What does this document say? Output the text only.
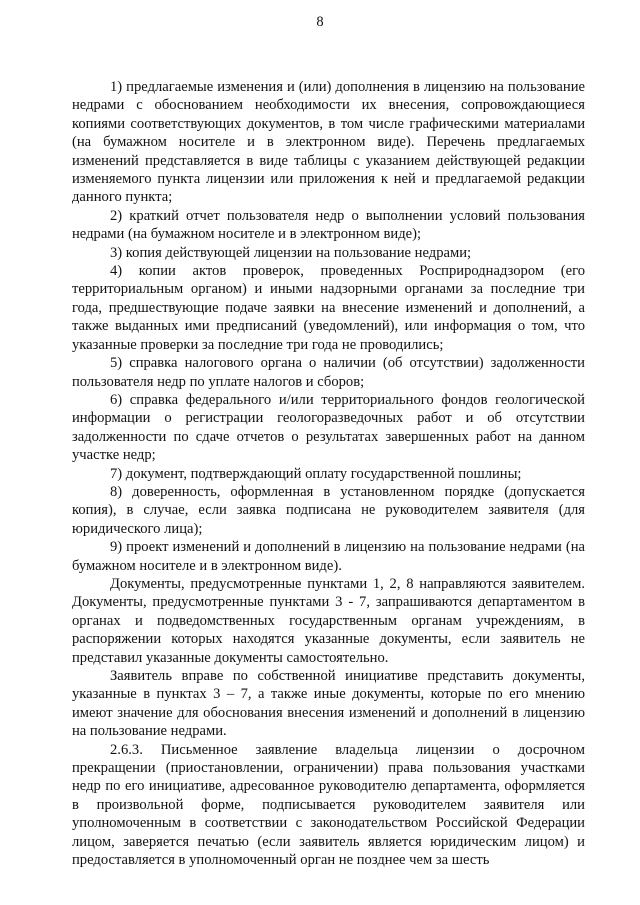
8

1) предлагаемые изменения и (или) дополнения в лицензию на пользование недрами с обоснованием необходимости их внесения, сопровождающиеся копиями соответствующих документов, в том числе графическими материалами (на бумажном носителе и в электронном виде). Перечень предлагаемых изменений представляется в виде таблицы с указанием действующей редакции изменяемого пункта лицензии или приложения к ней и предлагаемой редакции данного пункта;

2) краткий отчет пользователя недр о выполнении условий пользования недрами (на бумажном носителе и в электронном виде);

3) копия действующей лицензии на пользование недрами;

4) копии актов проверок, проведенных Росприроднадзором (его территориальным органом) и иными надзорными органами за последние три года, предшествующие подаче заявки на внесение изменений и дополнений, а также выданных ими предписаний (уведомлений), или информация о том, что указанные проверки за последние три года не проводились;

5) справка налогового органа о наличии (об отсутствии) задолженности пользователя недр по уплате налогов и сборов;

6) справка федерального и/или территориального фондов геологической информации о регистрации геологоразведочных работ и об отсутствии задолженности по сдаче отчетов о результатах завершенных работ на данном участке недр;

7) документ, подтверждающий оплату государственной пошлины;

8) доверенность, оформленная в установленном порядке (допускается копия), в случае, если заявка подписана не руководителем заявителя (для юридического лица);

9) проект изменений и дополнений в лицензию на пользование недрами (на бумажном носителе и в электронном виде).

Документы, предусмотренные пунктами 1, 2, 8 направляются заявителем. Документы, предусмотренные пунктами 3 - 7, запрашиваются департаментом в органах и подведомственных государственным органам учреждениям, в распоряжении которых находятся указанные документы, если заявитель не представил указанные документы самостоятельно.

Заявитель вправе по собственной инициативе представить документы, указанные в пунктах 3 – 7, а также иные документы, которые по его мнению имеют значение для обоснования внесения изменений и дополнений в лицензию на пользование недрами.

2.6.3. Письменное заявление владельца лицензии о досрочном прекращении (приостановлении, ограничении) права пользования участками недр по его инициативе, адресованное руководителю департамента, оформляется в произвольной форме, подписывается руководителем заявителя или уполномоченным в соответствии с законодательством Российской Федерации лицом, заверяется печатью (если заявитель является юридическим лицом) и предоставляется в уполномоченный орган не позднее чем за шесть
